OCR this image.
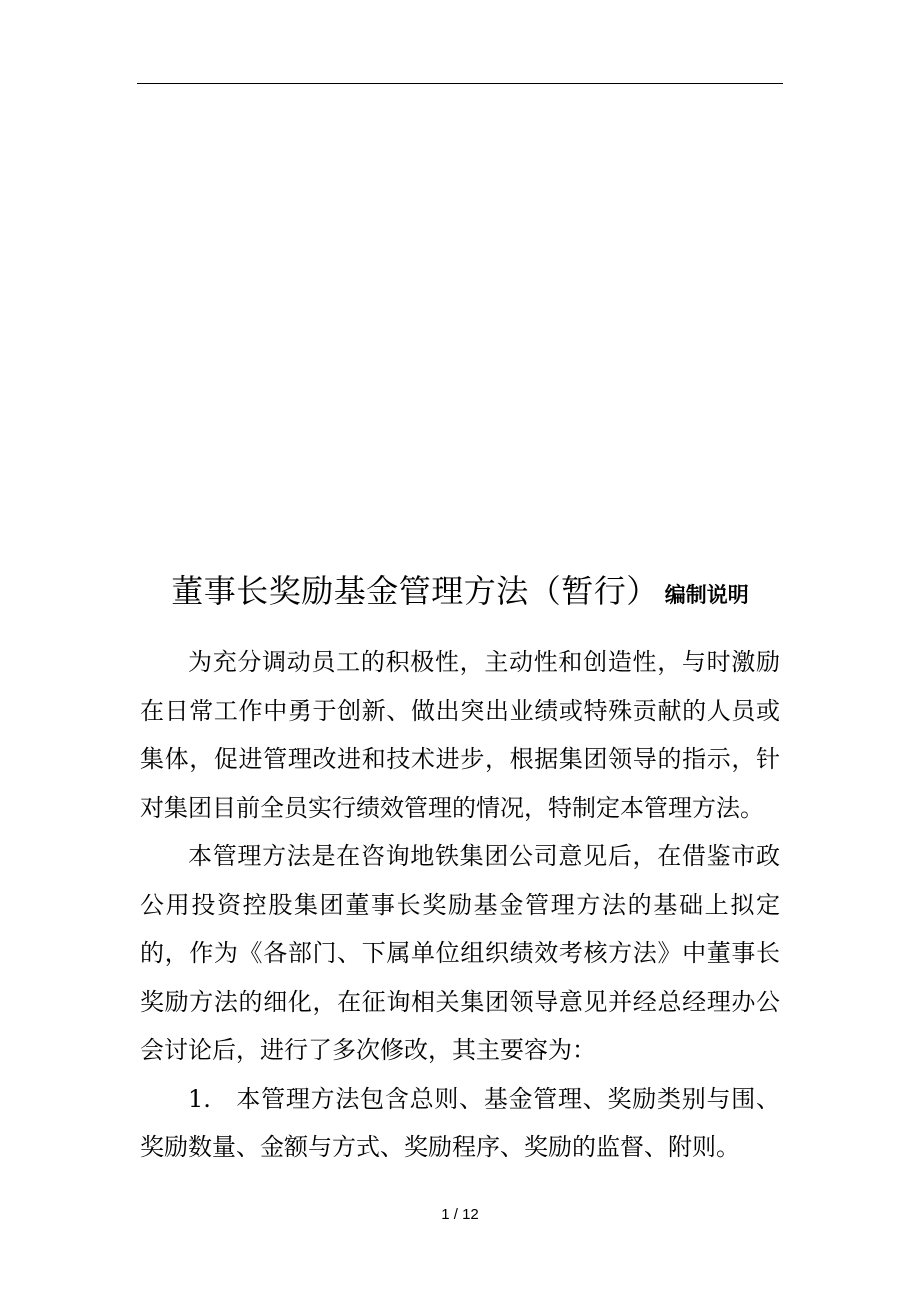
董事长奖励基金管理方法（暂行） 编制说明

为充分调动员工的积极性，主动性和创造性，与时激励在日常工作中勇于创新、做出突出业绩或特殊贡献的人员或集体，促进管理改进和技术进步，根据集团领导的指示，针对集团目前全员实行绩效管理的情况，特制定本管理方法。

本管理方法是在咨询地铁集团公司意见后，在借鉴市政公用投资控股集团董事长奖励基金管理方法的基础上拟定的，作为《各部门、下属单位组织绩效考核方法》中董事长奖励方法的细化，在征询相关集团领导意见并经总经理办公会讨论后，进行了多次修改，其主要容为：

1.　本管理方法包含总则、基金管理、奖励类别与围、奖励数量、金额与方式、奖励程序、奖励的监督、附则。

1 / 12
